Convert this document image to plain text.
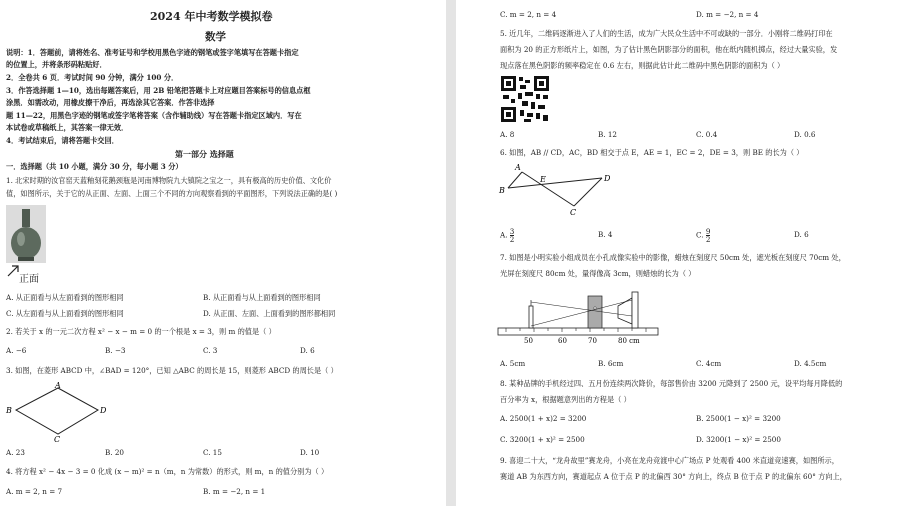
2024 年中考数学模拟卷
数学
说明：1．答题前，请将姓名、准考证号和学校用黑色字迹的钢笔或签字笔填写在答题卡指定
的位置上，并将条形码粘贴好．
2．全卷共 6 页．考试时间 90 分钟，满分 100 分．
3．作答选择题 1—10，选出每题答案后，用 2B 铅笔把答题卡上对应题目答案标号的信息点框
涂黑．如需改动，用橡皮擦干净后，再选涂其它答案．作答非选择
题 11—22，用黑色字迹的钢笔或签字笔将答案（含作辅助线）写在答题卡指定区域内．写在
本试卷或草稿纸上，其答案一律无效．
4．考试结束后，请将答题卡交回．
第一部分 选择题
一．选择题（共 10 小题，满分 30 分，每小题 3 分）
1. 北宋时期的汝官窑天蓝釉刻花鹅颈瓶是河南博物院九大镇院之宝之一，具有极高的历史价值、文化价
值，如图所示，关于它的从正面、左面、上面三个不同的方向观察看到的平面图形，下列说法正确的是( )
正面
A. 从正面看与从左面看到的图形相同	B. 从正面看与从上面看到的图形相同
C. 从左面看与从上面看到的图形相同	D. 从正面、左面、上面看到的图形都相同
2. 若关于 x 的一元二次方程 x² − x − m = 0 的一个根是 x = 3，则 m 的值是（ ）
A. −6	B. −3	C. 3	D. 6
3. 如图，在菱形 ABCD 中，∠BAD = 120°，已知 △ABC 的周长是 15，则菱形 ABCD 的周长是（ ）
A
B
C
D
A. 23	B. 20	C. 15	D. 10
4. 将方程 x² − 4x − 3 = 0 化成 (x − m)² = n（m，n 为常数）的形式，则 m，n 的值分别为（ ）
A. m = 2, n = 7	B. m = −2, n = 1
C. m = 2, n = 4	D. m = −2, n = 4
5. 近几年，二维码逐渐进入了人们的生活，成为广大民众生活中不可或缺的一部分．小刚将二维码打印在
面积为 20 的正方形纸片上，如图，为了估计黑色阴影部分的面积，他在纸内随机掷点，经过大量实验，发
现点落在黑色阴影的频率稳定在 0.6 左右，则据此估计此二维码中黑色阴影的面积为（ ）
A. 8	B. 12	C. 0.4	D. 0.6
6. 如图，AB // CD，AC，BD 相交于点 E，AE = 1，EC = 2，DE = 3，则 BE 的长为（ ）
A
E	D
B
C
A. $\frac{3}{2}$	B. 4	C. $\frac{9}{2}$	D. 6
7. 如图是小明实验小组成员在小孔成像实验中的影像，蜡烛在刻度尺 50cm 处，遮光板在刻度尺 70cm 处，
光屏在刻度尺 80cm 处，量得像高 3cm，则蜡烛的长为（ ）
50	60	70	80 cm
A. 5cm	B. 6cm	C. 4cm	D. 4.5cm
8. 某种品牌的手机经过四、五月份连续两次降价，每部售价由 3200 元降到了 2500 元，设平均每月降低的
百分率为 x，根据题意列出的方程是（ ）
A. 2500(1 + x)2 = 3200	B. 2500(1 − x)² = 3200
C. 3200(1 + x)² = 2500	D. 3200(1 − x)² = 2500
9. 喜迎二十大，“龙舟故里”赛龙舟，小亮在龙舟竞渡中心广场点 P 处观看 400 米直道竞速赛，如图所示，
赛道 AB 为东西方向，赛道起点 A 位于点 P 的北偏西 30° 方向上，终点 B 位于点 P 的北偏东 60° 方向上，
